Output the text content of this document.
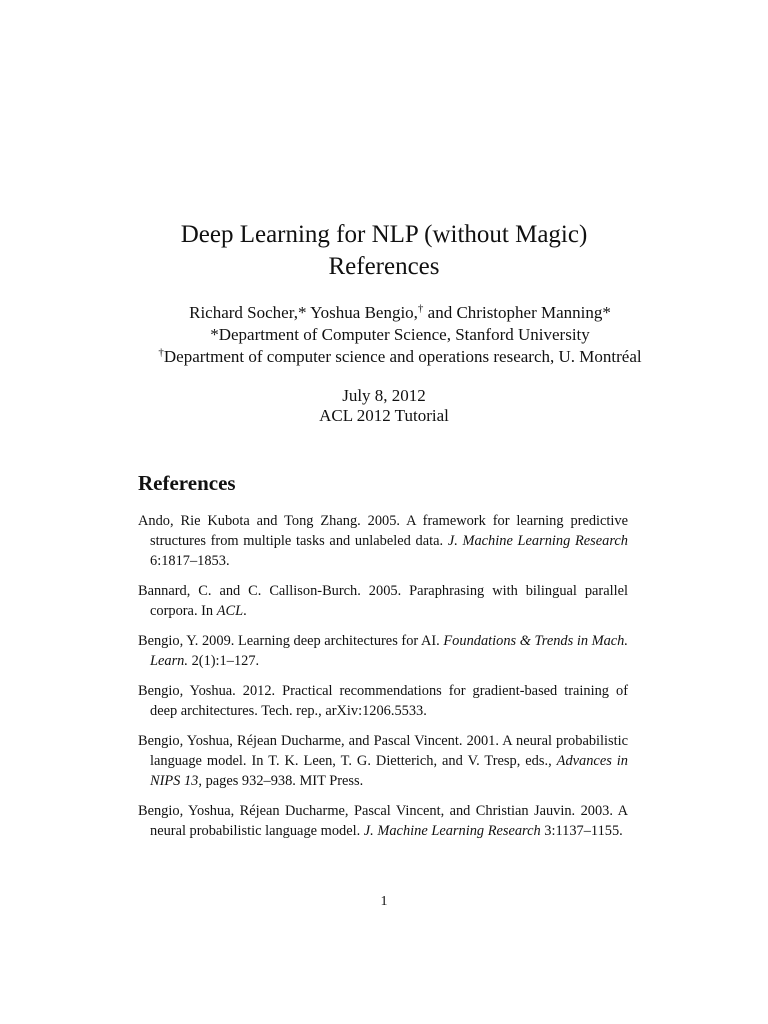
Deep Learning for NLP (without Magic)
References
Richard Socher,* Yoshua Bengio,† and Christopher Manning*
*Department of Computer Science, Stanford University
†Department of computer science and operations research, U. Montréal
July 8, 2012
ACL 2012 Tutorial
References
Ando, Rie Kubota and Tong Zhang. 2005. A framework for learning predictive structures from multiple tasks and unlabeled data. J. Machine Learning Research 6:1817–1853.
Bannard, C. and C. Callison-Burch. 2005. Paraphrasing with bilingual parallel corpora. In ACL.
Bengio, Y. 2009. Learning deep architectures for AI. Foundations & Trends in Mach. Learn. 2(1):1–127.
Bengio, Yoshua. 2012. Practical recommendations for gradient-based training of deep architectures. Tech. rep., arXiv:1206.5533.
Bengio, Yoshua, Réjean Ducharme, and Pascal Vincent. 2001. A neural probabilistic language model. In T. K. Leen, T. G. Dietterich, and V. Tresp, eds., Advances in NIPS 13, pages 932–938. MIT Press.
Bengio, Yoshua, Réjean Ducharme, Pascal Vincent, and Christian Jauvin. 2003. A neural probabilistic language model. J. Machine Learning Research 3:1137–1155.
1
